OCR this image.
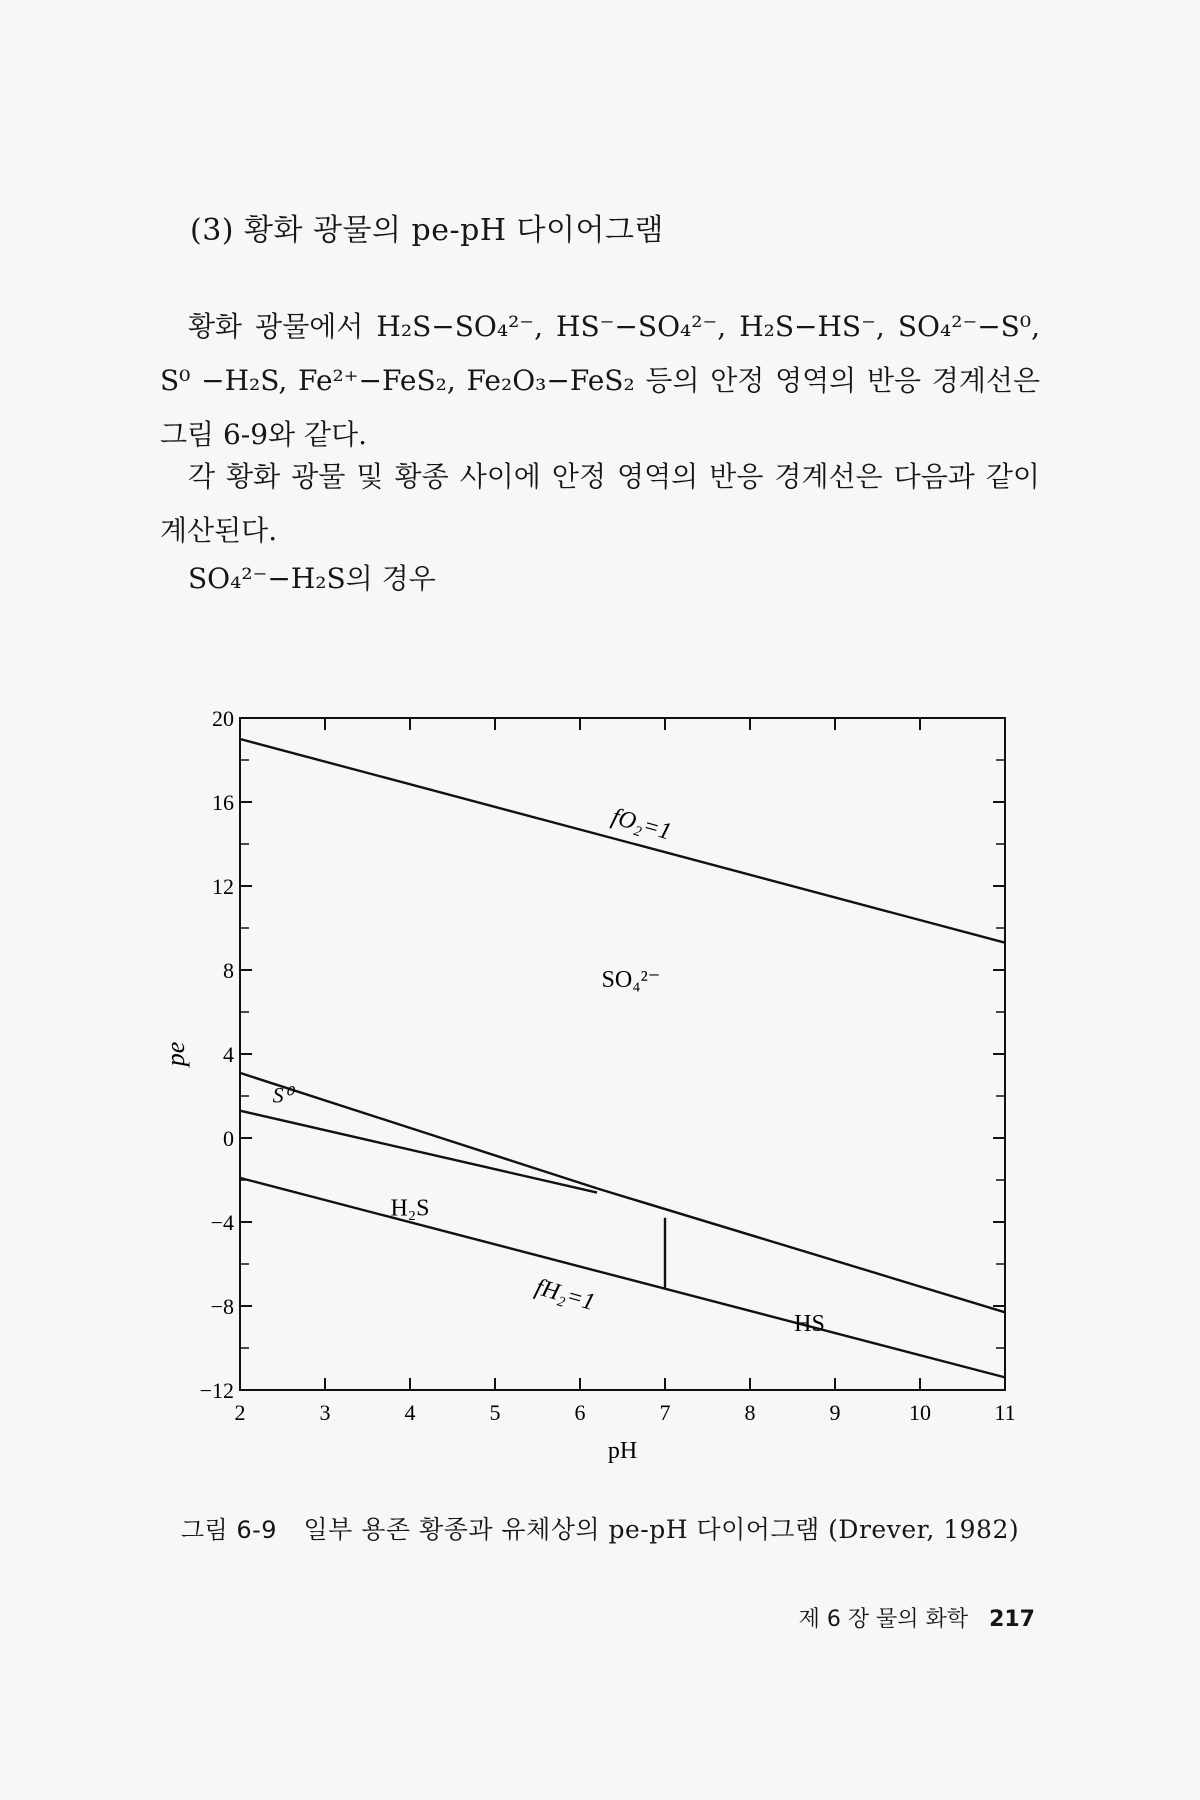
(3) 황화 광물의 pe-pH 다이어그램
황화 광물에서 H₂S−SO₄²⁻, HS⁻−SO₄²⁻, H₂S−HS⁻, SO₄²⁻−S⁰, S⁰ −H₂S, Fe²⁺−FeS₂, Fe₂O₃−FeS₂ 등의 안정 영역의 반응 경계선은 그림 6-9와 같다.
각 황화 광물 및 황종 사이에 안정 영역의 반응 경계선은 다음과 같이 계산된다.
SO₄²⁻−H₂S의 경우
2	3	4	5	6	7	8	9	10	11
20
16
12
8
4
0
−4
−8
−12
pH
pe
SO₄²⁻
S⁰
H₂S
HS
fO₂=1
fH₂=1
그림 6-9 일부 용존 황종과 유체상의 pe-pH 다이어그램 (Drever, 1982)
제 6 장 물의 화학 217
